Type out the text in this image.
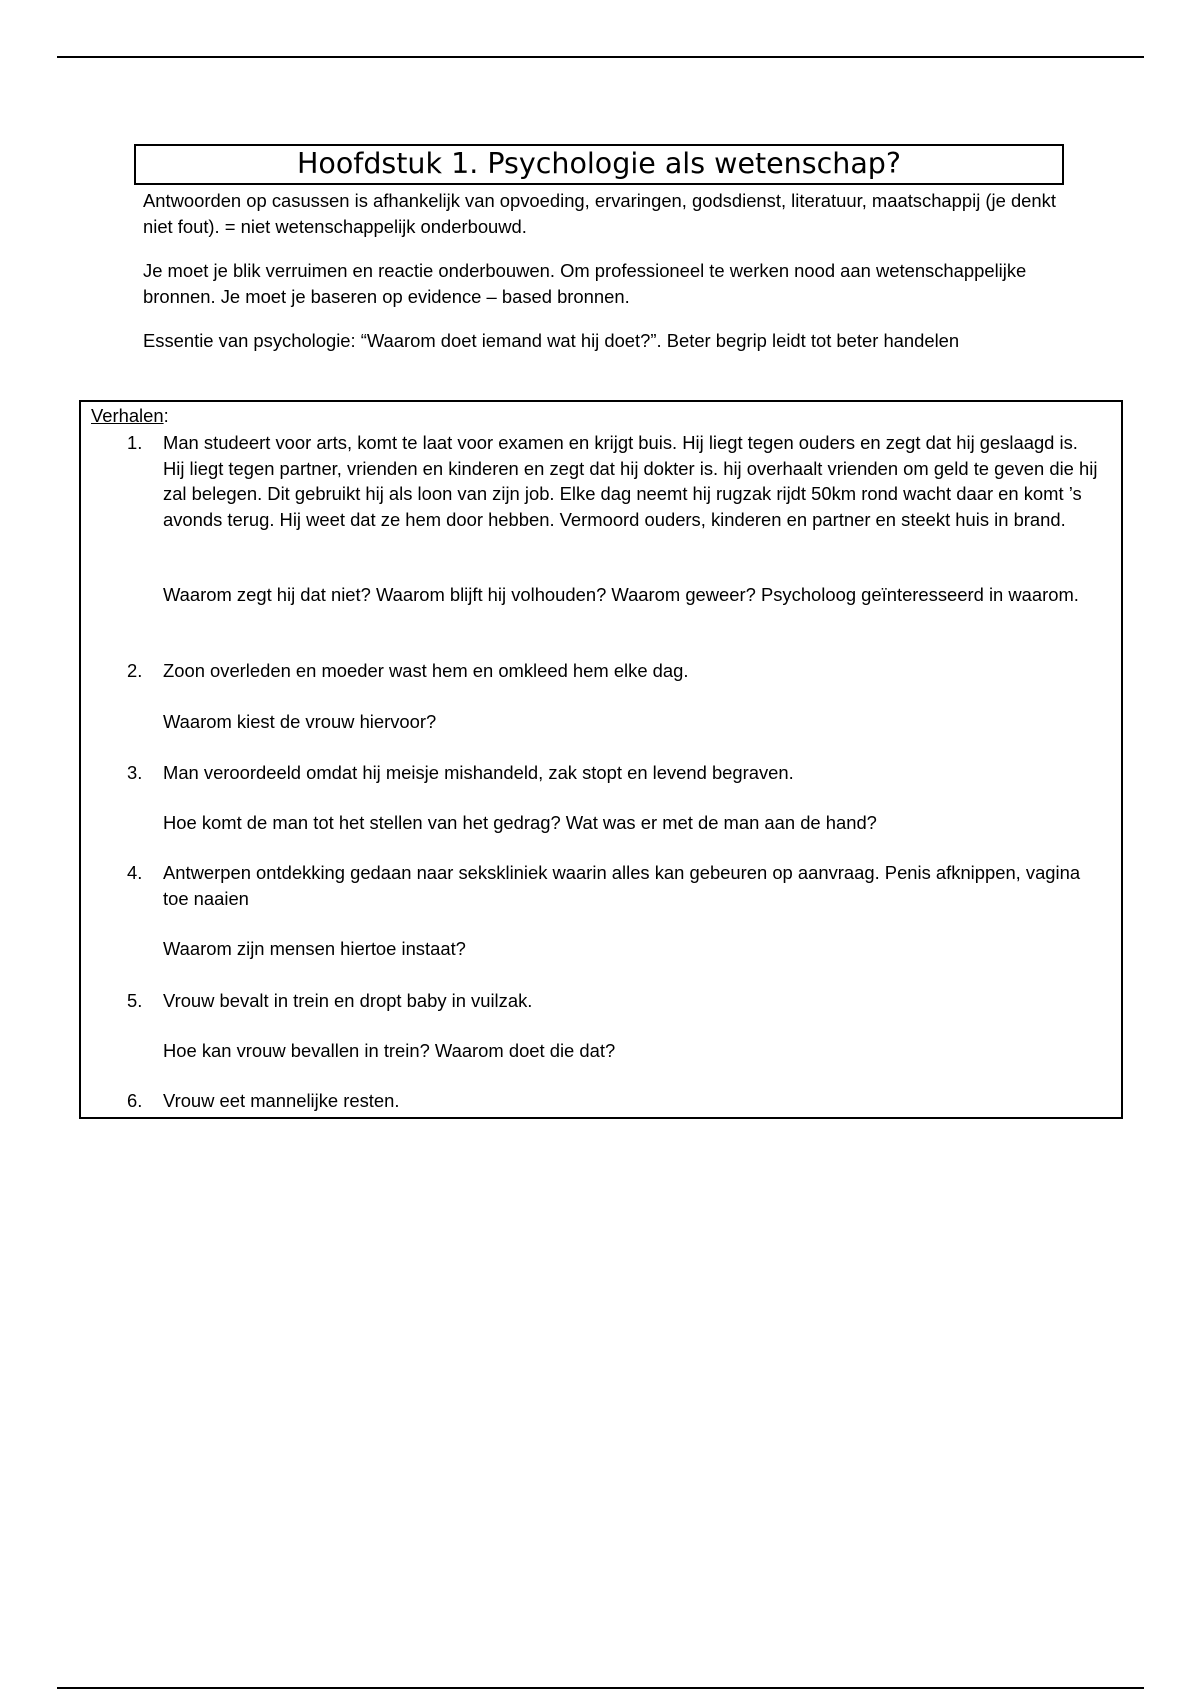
Hoofdstuk 1. Psychologie als wetenschap?

Antwoorden op casussen is afhankelijk van opvoeding, ervaringen, godsdienst, literatuur, maatschappij (je denkt niet fout). = niet wetenschappelijk onderbouwd.

Je moet je blik verruimen en reactie onderbouwen. Om professioneel te werken nood aan wetenschappelijke bronnen. Je moet je baseren op evidence – based bronnen.

Essentie van psychologie: “Waarom doet iemand wat hij doet?”. Beter begrip leidt tot beter handelen

Verhalen:
1. Man studeert voor arts, komt te laat voor examen en krijgt buis. Hij liegt tegen ouders en zegt dat hij geslaagd is. Hij liegt tegen partner, vrienden en kinderen en zegt dat hij dokter is. hij overhaalt vrienden om geld te geven die hij zal belegen. Dit gebruikt hij als loon van zijn job. Elke dag neemt hij rugzak rijdt 50km rond wacht daar en komt ’s avonds terug. Hij weet dat ze hem door hebben. Vermoord ouders, kinderen en partner en steekt huis in brand.

Waarom zegt hij dat niet? Waarom blijft hij volhouden? Waarom geweer? Psycholoog geïnteresseerd in waarom.

2. Zoon overleden en moeder wast hem en omkleed hem elke dag.

Waarom kiest de vrouw hiervoor?

3. Man veroordeeld omdat hij meisje mishandeld, zak stopt en levend begraven.

Hoe komt de man tot het stellen van het gedrag? Wat was er met de man aan de hand?

4. Antwerpen ontdekking gedaan naar sekskliniek waarin alles kan gebeuren op aanvraag. Penis afknippen, vagina toe naaien

Waarom zijn mensen hiertoe instaat?

5. Vrouw bevalt in trein en dropt baby in vuilzak.

Hoe kan vrouw bevallen in trein? Waarom doet die dat?

6. Vrouw eet mannelijke resten.
